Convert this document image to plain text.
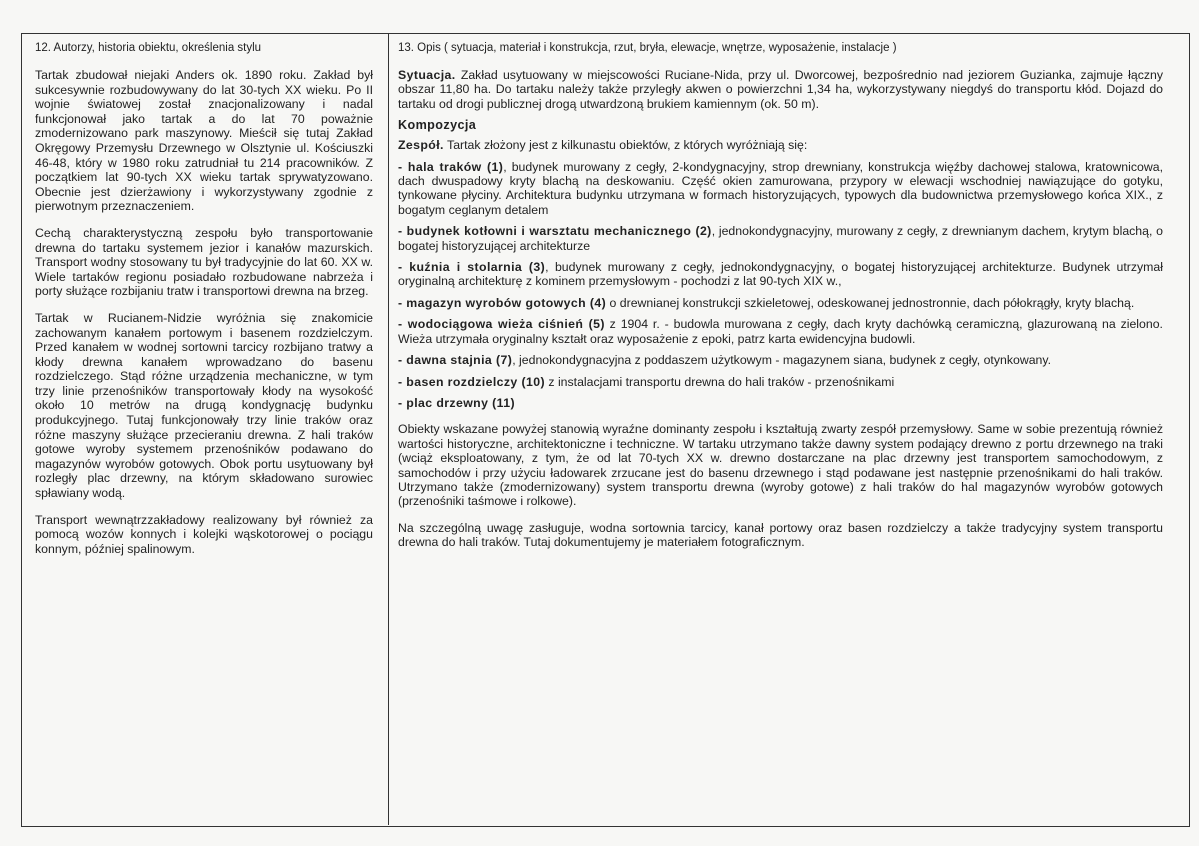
12. Autorzy, historia obiektu, określenia stylu

Tartak zbudował niejaki Anders ok. 1890 roku. Zakład był sukcesywnie rozbudowywany do lat 30-tych XX wieku. Po II wojnie światowej został znacjonalizowany i nadal funkcjonował jako tartak a do lat 70 poważnie zmodernizowano park maszynowy. Mieścił się tutaj Zakład Okręgowy Przemysłu Drzewnego w Olsztynie ul. Kościuszki 46-48, który w 1980 roku zatrudniał tu 214 pracowników. Z początkiem lat 90-tych XX wieku tartak sprywatyzowano. Obecnie jest dzierżawiony i wykorzystywany zgodnie z pierwotnym przeznaczeniem.

Cechą charakterystyczną zespołu było transportowanie drewna do tartaku systemem jezior i kanałów mazurskich. Transport wodny stosowany tu był tradycyjnie do lat 60. XX w. Wiele tartaków regionu posiadało rozbudowane nabrzeża i porty służące rozbijaniu tratw i transportowi drewna na brzeg.

Tartak w Rucianem-Nidzie wyróżnia się znakomicie zachowanym kanałem portowym i basenem rozdzielczym. Przed kanałem w wodnej sortowni tarcicy rozbijano tratwy a kłody drewna kanałem wprowadzano do basenu rozdzielczego. Stąd różne urządzenia mechaniczne, w tym trzy linie przenośników transportowały kłody na wysokość około 10 metrów na drugą kondygnację budynku produkcyjnego. Tutaj funkcjonowały trzy linie traków oraz różne maszyny służące przecieraniu drewna. Z hali traków gotowe wyroby systemem przenośników podawano do magazynów wyrobów gotowych. Obok portu usytuowany był rozległy plac drzewny, na którym składowano surowiec spławiany wodą.

Transport wewnątrzzakładowy realizowany był również za pomocą wozów konnych i kolejki wąskotorowej o pociągu konnym, później spalinowym.

13. Opis ( sytuacja, materiał i konstrukcja, rzut, bryła, elewacje, wnętrze, wyposażenie, instalacje )

Sytuacja. Zakład usytuowany w miejscowości Ruciane-Nida, przy ul. Dworcowej, bezpośrednio nad jeziorem Guzianka, zajmuje łączny obszar 11,80 ha. Do tartaku należy także przyległy akwen o powierzchni 1,34 ha, wykorzystywany niegdyś do transportu kłód. Dojazd do tartaku od drogi publicznej drogą utwardzoną brukiem kamiennym (ok. 50 m).

Kompozycja

Zespół. Tartak złożony jest z kilkunastu obiektów, z których wyróżniają się:

- hala traków (1), budynek murowany z cegły, 2-kondygnacyjny, strop drewniany, konstrukcja więźby dachowej stalowa, kratownicowa, dach dwuspadowy kryty blachą na deskowaniu. Część okien zamurowana, przypory w elewacji wschodniej nawiązujące do gotyku, tynkowane płyciny. Architektura budynku utrzymana w formach historyzujących, typowych dla budownictwa przemysłowego końca XIX., z bogatym ceglanym detalem

- budynek kotłowni i warsztatu mechanicznego (2), jednokondygnacyjny, murowany z cegły, z drewnianym dachem, krytym blachą, o bogatej historyzującej architekturze

- kuźnia i stolarnia (3), budynek murowany z cegły, jednokondygnacyjny, o bogatej historyzującej architekturze. Budynek utrzymał oryginalną architekturę z kominem przemysłowym - pochodzi z lat 90-tych XIX w.,

- magazyn wyrobów gotowych (4) o drewnianej konstrukcji szkieletowej, odeskowanej jednostronnie, dach półokrągły, kryty blachą.

- wodociągowa wieża ciśnień (5) z 1904 r. - budowla murowana z cegły, dach kryty dachówką ceramiczną, glazurowaną na zielono. Wieża utrzymała oryginalny kształt oraz wyposażenie z epoki, patrz karta ewidencyjna budowli.

- dawna stajnia (7), jednokondygnacyjna z poddaszem użytkowym - magazynem siana, budynek z cegły, otynkowany.

- basen rozdzielczy (10) z instalacjami transportu drewna do hali traków - przenośnikami

- plac drzewny (11)

Obiekty wskazane powyżej stanowią wyraźne dominanty zespołu i kształtują zwarty zespół przemysłowy. Same w sobie prezentują również wartości historyczne, architektoniczne i techniczne. W tartaku utrzymano także dawny system podający drewno z portu drzewnego na traki (wciąż eksploatowany, z tym, że od lat 70-tych XX w. drewno dostarczane na plac drzewny jest transportem samochodowym, z samochodów i przy użyciu ładowarek zrzucane jest do basenu drzewnego i stąd podawane jest następnie przenośnikami do hali traków. Utrzymano także (zmodernizowany) system transportu drewna (wyroby gotowe) z hali traków do hal magazynów wyrobów gotowych (przenośniki taśmowe i rolkowe).

Na szczególną uwagę zasługuje, wodna sortownia tarcicy, kanał portowy oraz basen rozdzielczy a także tradycyjny system transportu drewna do hali traków. Tutaj dokumentujemy je materiałem fotograficznym.
